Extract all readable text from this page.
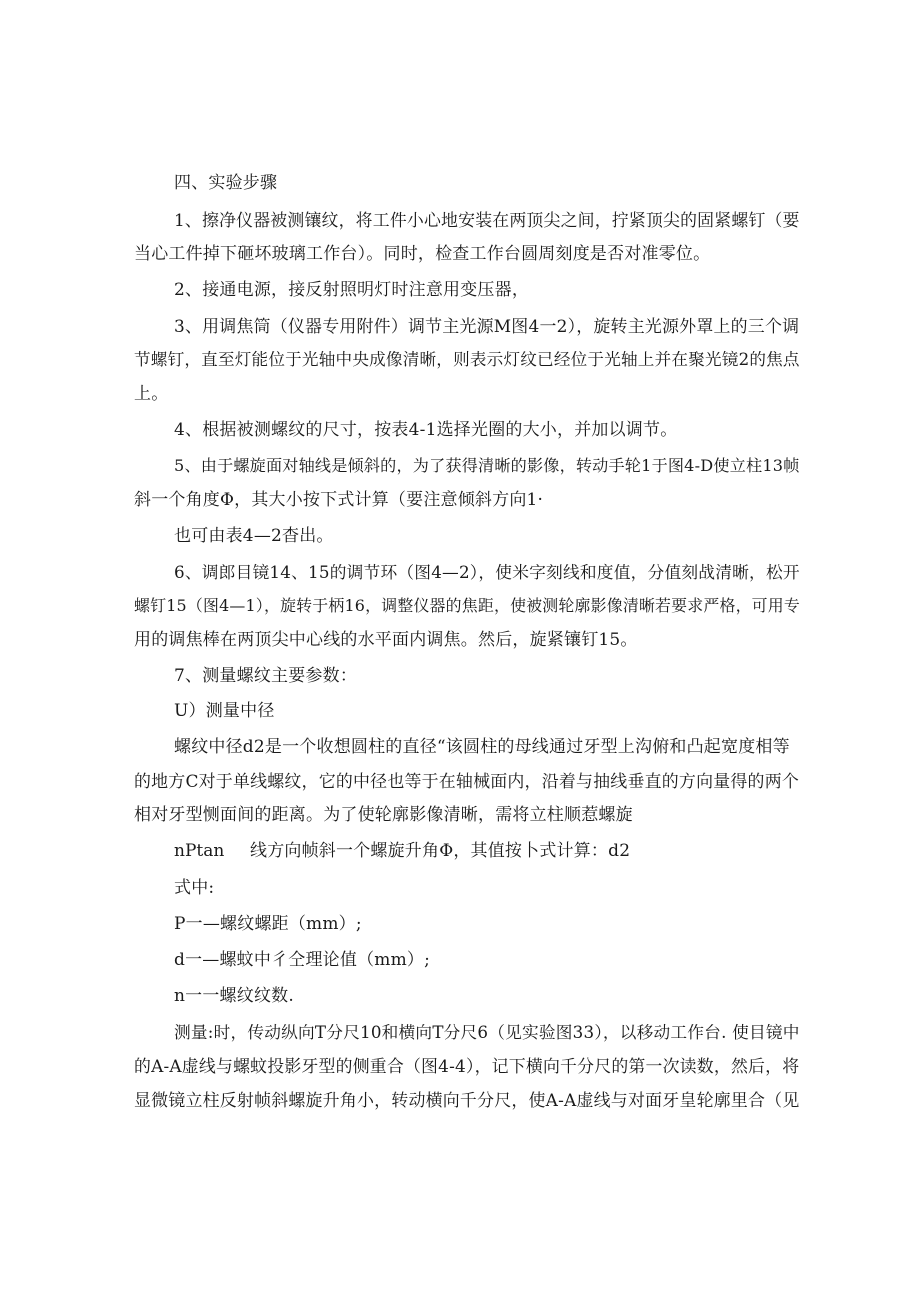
四、实验步骤
1、擦净仪器被测镶纹，将工件小心地安装在两顶尖之间，拧紧顶尖的固紧螺钉（要
当心工件掉下砸坏玻璃工作台）。同时，检查工作台圆周刻度是否对准零位。
2、接通电源，接反射照明灯时注意用变压器，
3、用调焦筒（仪器专用附件）调节主光源M图4一2），旋转主光源外罩上的三个调
节螺钉，直至灯能位于光轴中央成像清晰，则表示灯纹已经位于光轴上并在聚光镜2的焦点
上。
4、根据被测螺纹的尺寸，按表4-1选择光圈的大小，并加以调节。
5、由于螺旋面对轴线是倾斜的，为了获得清晰的影像，转动手轮1于图4-D使立柱13帧
斜一个角度Φ，其大小按下式计算（要注意倾斜方向1·
也可由表4—2杳出。
6、调郎目镜14、15的调节环（图4—2），使米字刻线和度值，分值刻战清晰，松开
螺钉15（图4—1），旋转于柄16，调整仪器的焦距，使被测轮廓影像清晰若要求严格，可用专
用的调焦棒在两顶尖中心线的水平面内调焦。然后，旋紧镶钉15。
7、测量螺纹主要参数：
U）测量中径
螺纹中径d2是一个收想圆柱的直径“该圆柱的母线通过牙型上沟俯和凸起宽度相等
的地方C对于单线螺纹，它的中径也等于在轴械面内，沿着与抽线垂直的方向量得的两个
相对牙型恻面间的距离。为了使轮廓影像清晰，需将立柱顺惹螺旋
nPtan 线方向帧斜一个螺旋升角Φ，其值按卜式计算：d2
式中:
P一—螺纹螺距（mm）;
d一—螺蚊中彳仝理论值（mm）;
n一一螺纹纹数.
测量:时，传动纵向T分尺10和横向T分尺6（见实验图33），以移动工作台. 使目镜中
的A-A虚线与螺蚊投影牙型的侧重合（图4-4），记下横向千分尺的第一次读数，然后，将
显微镜立柱反射帧斜螺旋升角小，转动横向千分尺，使A-A虚线与对面牙皇轮廓里合（见
